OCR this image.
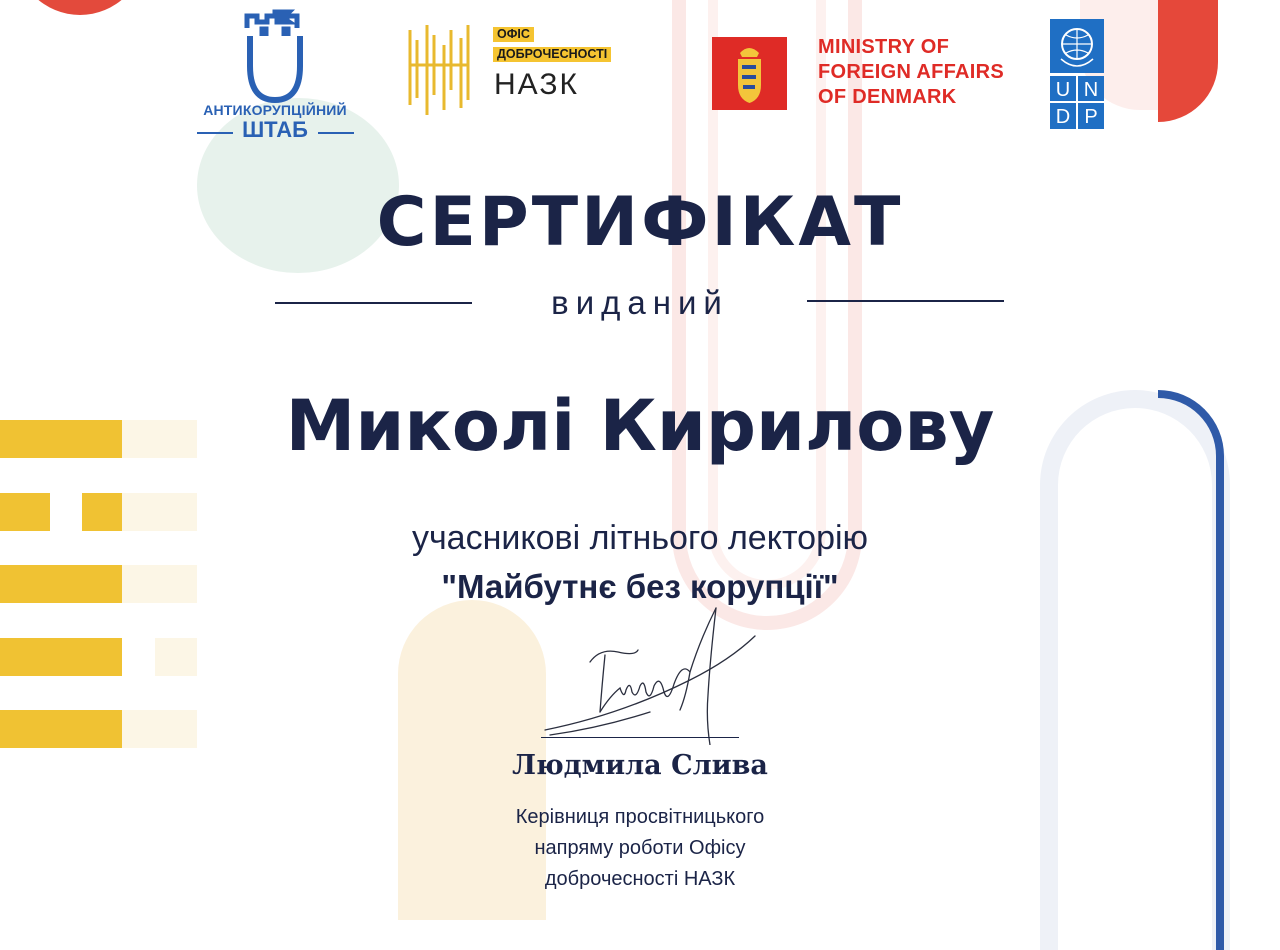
АНТИКОРУПЦІЙНИЙ
ШТАБ
ОФІС
ДОБРОЧЕСНОСТІ
НАЗК
MINISTRY OF
FOREIGN AFFAIRS
OF DENMARK	U N
D P
СЕРТИФІКАТ
виданий
Миколі Кирилову
учасникові літнього лекторію
"Майбутнє без корупції"
Людмила Слива
Керівниця просвітницького
напряму роботи Офісу
доброчесності НАЗК
